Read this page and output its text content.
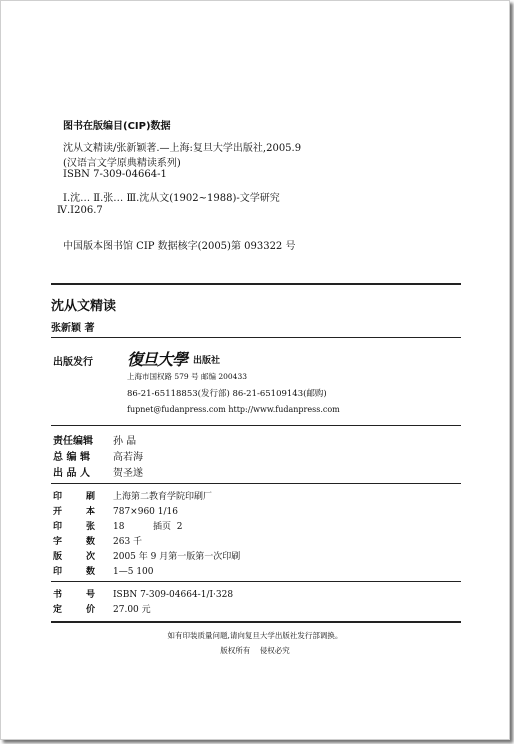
图书在版编目(CIP)数据
沈从文精读/张新颖著.—上海:复旦大学出版社,2005.9
(汉语言文学原典精读系列)
ISBN 7-309-04664-1
Ⅰ.沈… Ⅱ.张… Ⅲ.沈从文(1902~1988)-文学研究
Ⅳ.I206.7
中国版本图书馆 CIP 数据核字(2005)第 093322 号
沈从文精读
张新颖 著
出版发行 復旦大學 出版社
上海市国权路 579 号 邮编 200433
86-21-65118853(发行部) 86-21-65109143(邮购)
fupnet@fudanpress.com http://www.fudanpress.com
责任编辑 孙 晶
总 编 辑 高若海
出 品 人 贺圣遂
印	刷 上海第二教育学院印刷厂
开	本 787×960 1/16
印	张 18          插页  2
字	数 263 千
版	次 2005 年 9 月第一版第一次印刷
印	数 1—5 100
书	号 ISBN 7-309-04664-1/I·328
定	价 27.00 元
如有印装质量问题,请向复旦大学出版社发行部调换。
版权所有    侵权必究
